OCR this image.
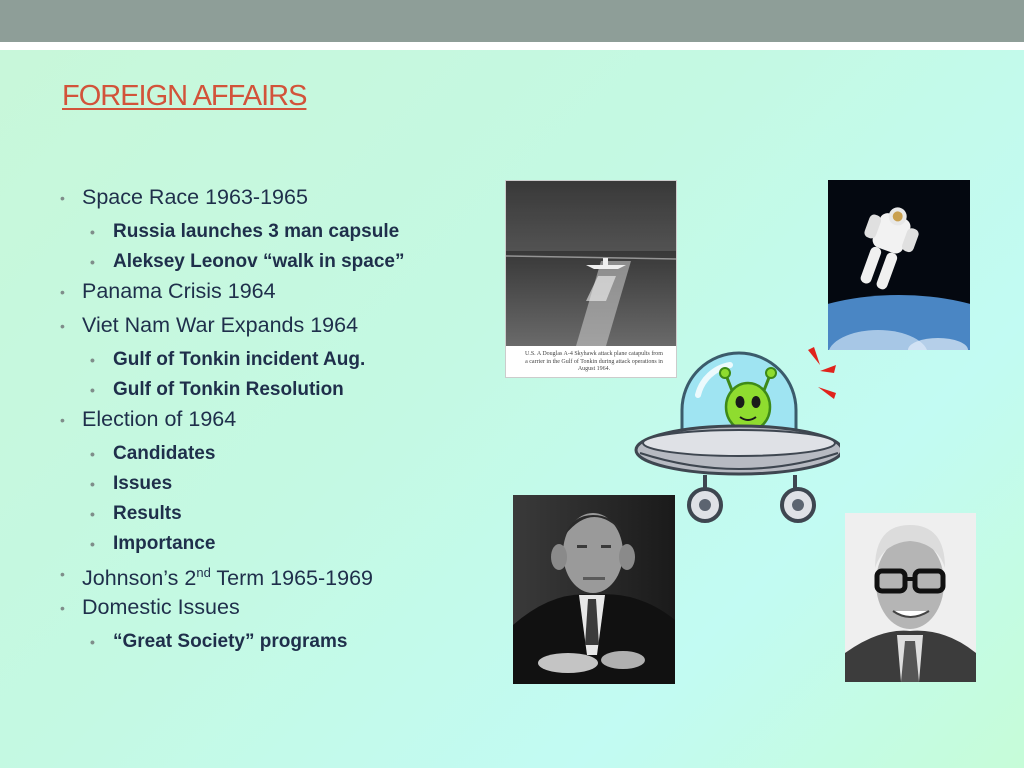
FOREIGN AFFAIRS
• Space Race 1963-1965
• Russia launches 3 man capsule
• Aleksey Leonov “walk in space”
• Panama Crisis 1964
• Viet Nam War Expands 1964
• Gulf of Tonkin incident Aug.
• Gulf of Tonkin Resolution
• Election of 1964
• Candidates
• Issues
• Results
• Importance
• Johnson’s 2nd Term 1965-1969
• Domestic Issues
• “Great Society” programs
U.S. A Douglas A-4 Skyhawk attack plane catapults from a carrier in the Gulf of Tonkin during attack operations in August 1964.
